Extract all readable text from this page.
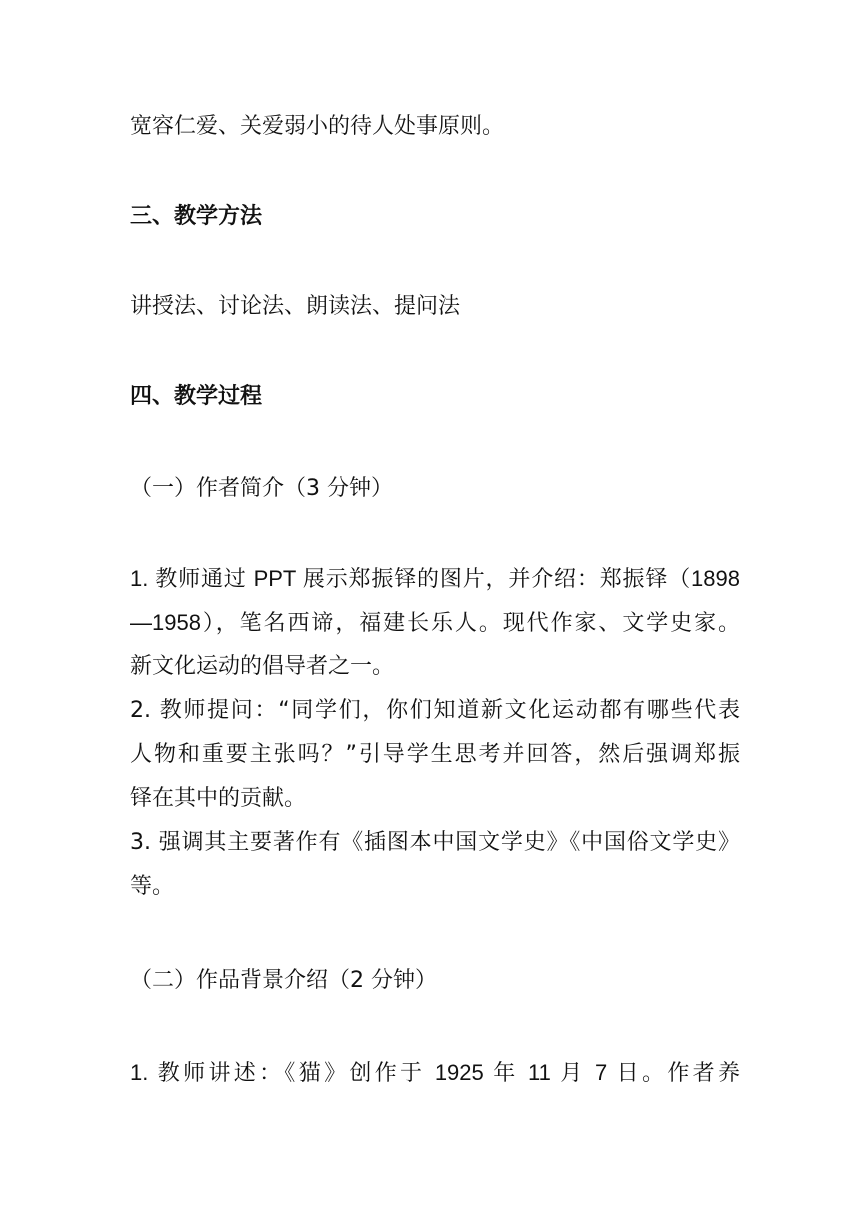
宽容仁爱、关爱弱小的待人处事原则。
三、教学方法
讲授法、讨论法、朗读法、提问法
四、教学过程
（一）作者简介（3 分钟）
1. 教师通过 PPT 展示郑振铎的图片，并介绍：郑振铎（1898
—1958），笔名西谛，福建长乐人。现代作家、文学史家。
新文化运动的倡导者之一。
2. 教师提问：“同学们，你们知道新文化运动都有哪些代表
人物和重要主张吗？”引导学生思考并回答，然后强调郑振
铎在其中的贡献。
3. 强调其主要著作有《插图本中国文学史》《中国俗文学史》
等。
（二）作品背景介绍（2 分钟）
1. 教师讲述：《猫》创作于 1925 年 11 月 7 日。作者养
